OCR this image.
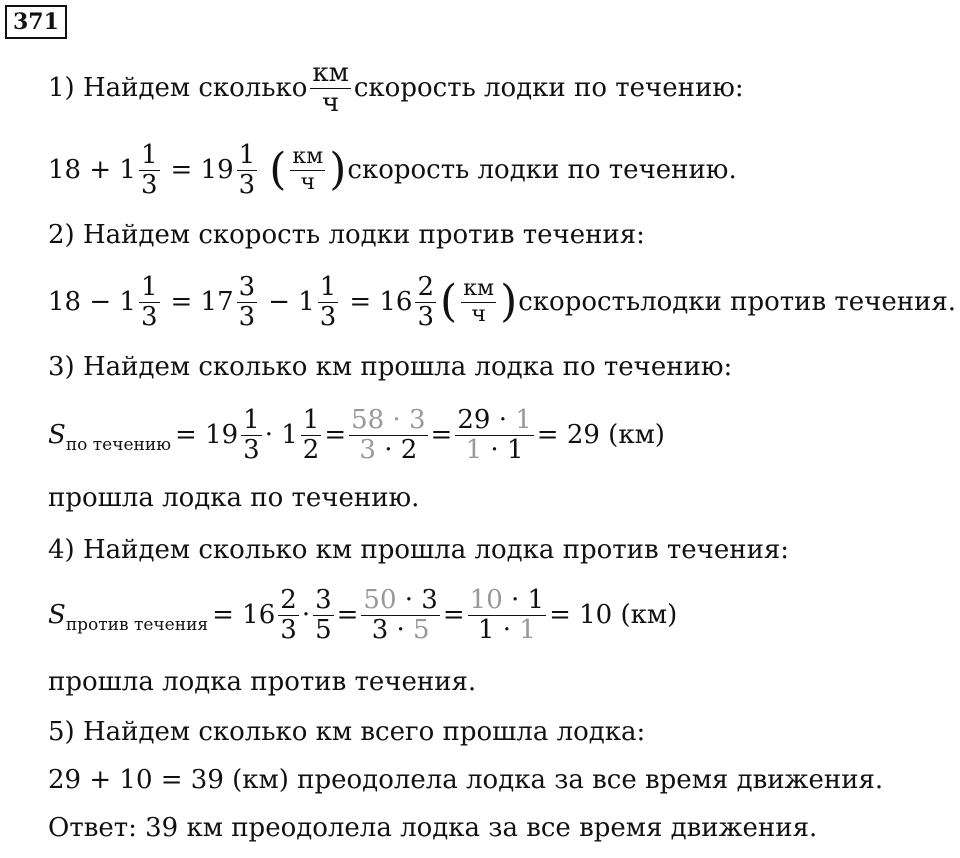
371
1) Найдем сколько $\frac{км}{ч}$ скорость лодки по течению:
$18 + 1 \frac{1}{3} = 19 \frac{1}{3}$ ( $\frac{км}{ч}$ ) скорость лодки по течению.
2) Найдем скорость лодки против течения:
$18 - 1 \frac{1}{3} = 17 \frac{3}{3} - 1 \frac{1}{3} = 16 \frac{2}{3}$ ( $\frac{км}{ч}$ ) скоростьлодки против течения.
3) Найдем сколько км прошла лодка по течению:
S по течению = $19 \frac{1}{3} \cdot 1 \frac{1}{2} = \frac{58 \cdot 3}{3 \cdot 2} = \frac{29 \cdot 1}{1 \cdot 1} = 29$ (км)
прошла лодка по течению.
4) Найдем сколько км прошла лодка против течения:
S против течения = $16 \frac{2}{3} \cdot \frac{3}{5} = \frac{50 \cdot 3}{3 \cdot 5} = \frac{10 \cdot 1}{1 \cdot 1} = 10$ (км)
прошла лодка против течения.
5) Найдем сколько км всего прошла лодка:
29 + 10 = 39 (км) преодолела лодка за все время движения.
Ответ: 39 км преодолела лодка за все время движения.
